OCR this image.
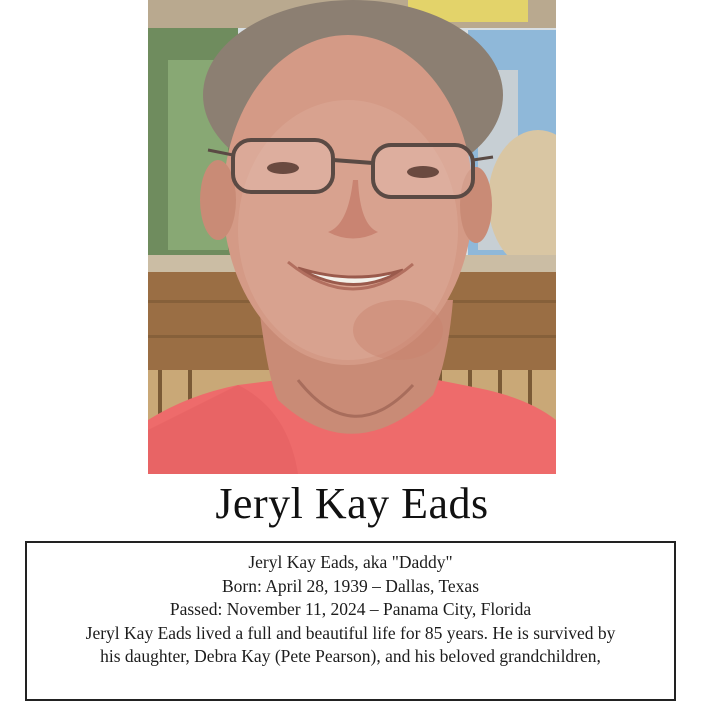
Jeryl Kay Eads

Jeryl Kay Eads, aka "Daddy"

Born: April 28, 1939 – Dallas, Texas

Passed: November 11, 2024 – Panama City, Florida

Jeryl Kay Eads lived a full and beautiful life for 85 years. He is survived by

his daughter, Debra Kay (Pete Pearson), and his beloved grandchildren,
